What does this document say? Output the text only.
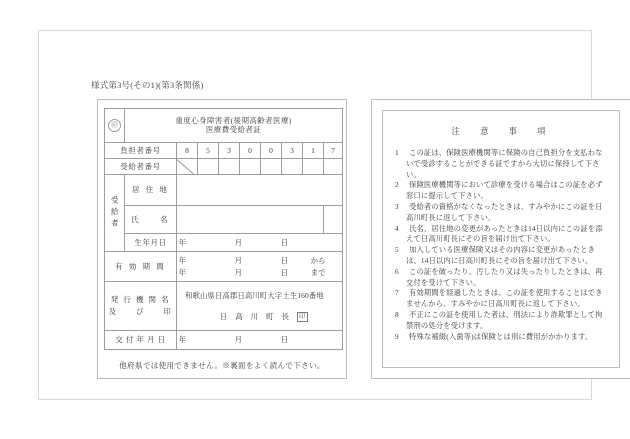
様式第3号(その1)(第3条関係)
㊞	重度心身障害者(後期高齢者医療)
医療費受給者証								

負担者番号		8	5	3	0	0	3	1	7
受給者番号									

受給者	居 住 地								
	氏　　名								
	生年月日	年 月 日							

有 効 期 間	
年	月	日	から
年	月	日	まで

発 行 機 関 名
及　　び　　印

和歌山県日高郡日高川町大字土生160番地
日 高 川 町 長 印

交 付 年 月 日		年 月 日							
他府県では使用できません。※裏面をよく読んで下さい。
注 意 事 項
1	この証は、保険医療機関等に保険の自己負担分を支払わないで受診することができる証ですから大切に保持して下さい。
2	保険医療機関等において診療を受ける場合はこの証を必ず窓口に提示して下さい。
3	受給者の資格がなくなったときは、すみやかにこの証を日高川町長に返して下さい。
4	氏名、居住地の変更があったときは14日以内にこの証を添えて日高川町長にその旨を届け出て下さい。
5	加入している医療保険又はその内容に変更があったときは、14日以内に日高川町長にその旨を届け出て下さい。
6	この証を破ったり、汚したり又は失ったりしたときは、再交付を受けて下さい。
7	有効期間を経過したときは、この証を使用することはできませんから、すみやかに日高川町長に返して下さい。
8	不正にこの証を使用した者は、刑法により詐欺罪として拘禁刑の処分を受けます。
9	特殊な補綴(入歯等)は保険とは別に費用がかかります。
